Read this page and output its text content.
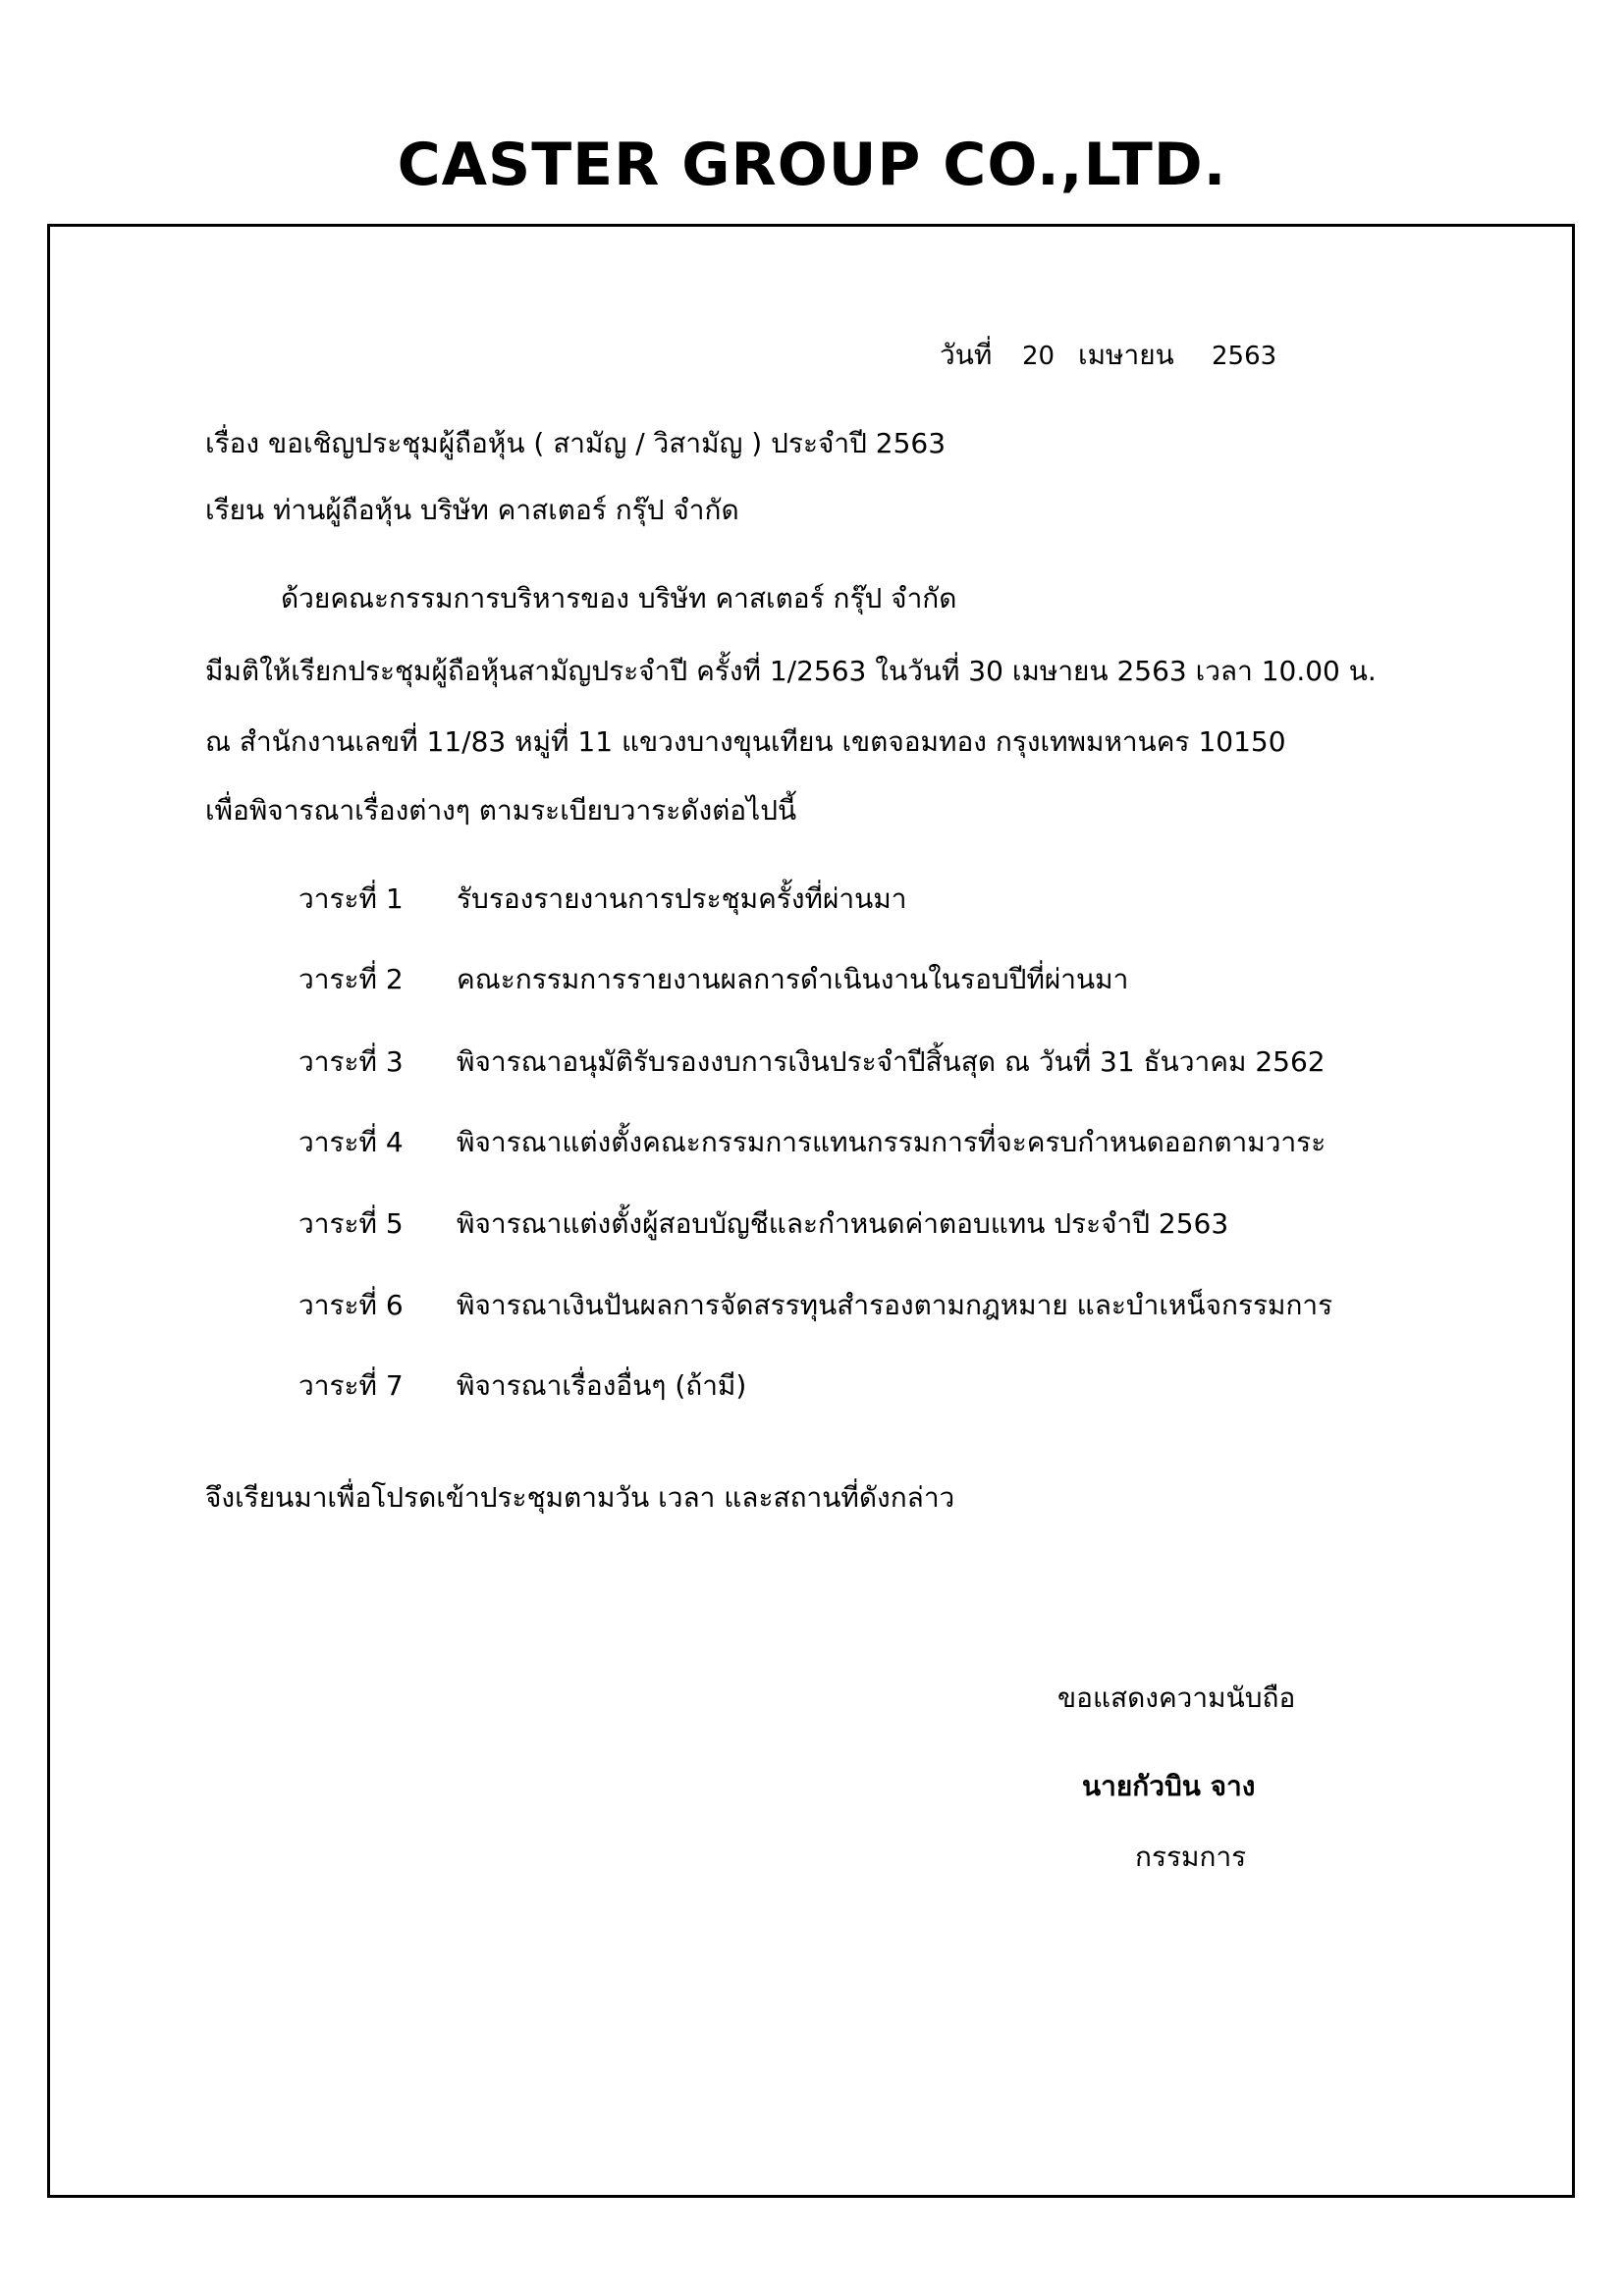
CASTER GROUP CO.,LTD.
วันที่ 20 เมษายน 2563
เรื่อง ขอเชิญประชุมผู้ถือหุ้น ( สามัญ / วิสามัญ ) ประจำปี 2563
เรียน ท่านผู้ถือหุ้น บริษัท คาสเตอร์ กรุ๊ป จำกัด
ด้วยคณะกรรมการบริหารของ บริษัท คาสเตอร์ กรุ๊ป จำกัด
มีมติให้เรียกประชุมผู้ถือหุ้นสามัญประจำปี ครั้งที่ 1/2563 ในวันที่ 30 เมษายน 2563 เวลา 10.00 น.
ณ สำนักงานเลขที่ 11/83 หมู่ที่ 11 แขวงบางขุนเทียน เขตจอมทอง กรุงเทพมหานคร 10150
เพื่อพิจารณาเรื่องต่างๆ ตามระเบียบวาระดังต่อไปนี้
วาระที่ 1 รับรองรายงานการประชุมครั้งที่ผ่านมา
วาระที่ 2 คณะกรรมการรายงานผลการดำเนินงานในรอบปีที่ผ่านมา
วาระที่ 3 พิจารณาอนุมัติรับรองงบการเงินประจำปีสิ้นสุด ณ วันที่ 31 ธันวาคม 2562
วาระที่ 4 พิจารณาแต่งตั้งคณะกรรมการแทนกรรมการที่จะครบกำหนดออกตามวาระ
วาระที่ 5 พิจารณาแต่งตั้งผู้สอบบัญชีและกำหนดค่าตอบแทน ประจำปี 2563
วาระที่ 6 พิจารณาเงินปันผลการจัดสรรทุนสำรองตามกฎหมาย และบำเหน็จกรรมการ
วาระที่ 7 พิจารณาเรื่องอื่นๆ (ถ้ามี)
จึงเรียนมาเพื่อโปรดเข้าประชุมตามวัน เวลา และสถานที่ดังกล่าว
ขอแสดงความนับถือ
นายกัวบิน จาง
กรรมการ
